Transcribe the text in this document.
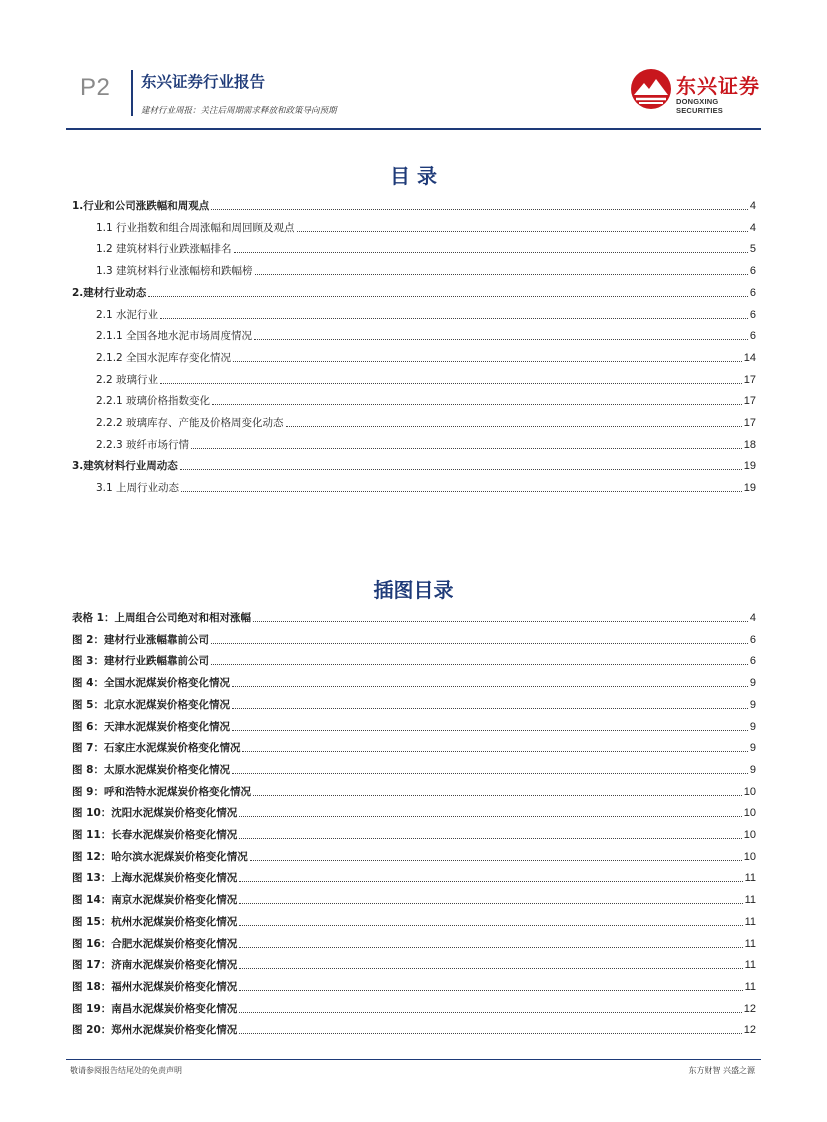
P2 东兴证券行业报告
建材行业周报：关注后周期需求释放和政策导向预期
东兴证券
DONGXING SECURITIES
目 录
1.行业和公司涨跌幅和周观点	4
1.1 行业指数和组合周涨幅和周回顾及观点	4
1.2 建筑材料行业跌涨幅排名	5
1.3 建筑材料行业涨幅榜和跌幅榜	6
2.建材行业动态	6
2.1 水泥行业	6
2.1.1 全国各地水泥市场周度情况	6
2.1.2 全国水泥库存变化情况	14
2.2 玻璃行业	17
2.2.1 玻璃价格指数变化	17
2.2.2 玻璃库存、产能及价格周变化动态	17
2.2.3 玻纤市场行情	18
3.建筑材料行业周动态	19
3.1 上周行业动态	19
插图目录
表格 1：上周组合公司绝对和相对涨幅	4
图 2：建材行业涨幅靠前公司	6
图 3：建材行业跌幅靠前公司	6
图 4：全国水泥煤炭价格变化情况	9
图 5：北京水泥煤炭价格变化情况	9
图 6：天津水泥煤炭价格变化情况	9
图 7：石家庄水泥煤炭价格变化情况	9
图 8：太原水泥煤炭价格变化情况	9
图 9：呼和浩特水泥煤炭价格变化情况	10
图 10：沈阳水泥煤炭价格变化情况	10
图 11：长春水泥煤炭价格变化情况	10
图 12：哈尔滨水泥煤炭价格变化情况	10
图 13：上海水泥煤炭价格变化情况	11
图 14：南京水泥煤炭价格变化情况	11
图 15：杭州水泥煤炭价格变化情况	11
图 16：合肥水泥煤炭价格变化情况	11
图 17：济南水泥煤炭价格变化情况	11
图 18：福州水泥煤炭价格变化情况	11
图 19：南昌水泥煤炭价格变化情况	12
图 20：郑州水泥煤炭价格变化情况	12
敬请参阅报告结尾处的免责声明	东方财智 兴盛之源
